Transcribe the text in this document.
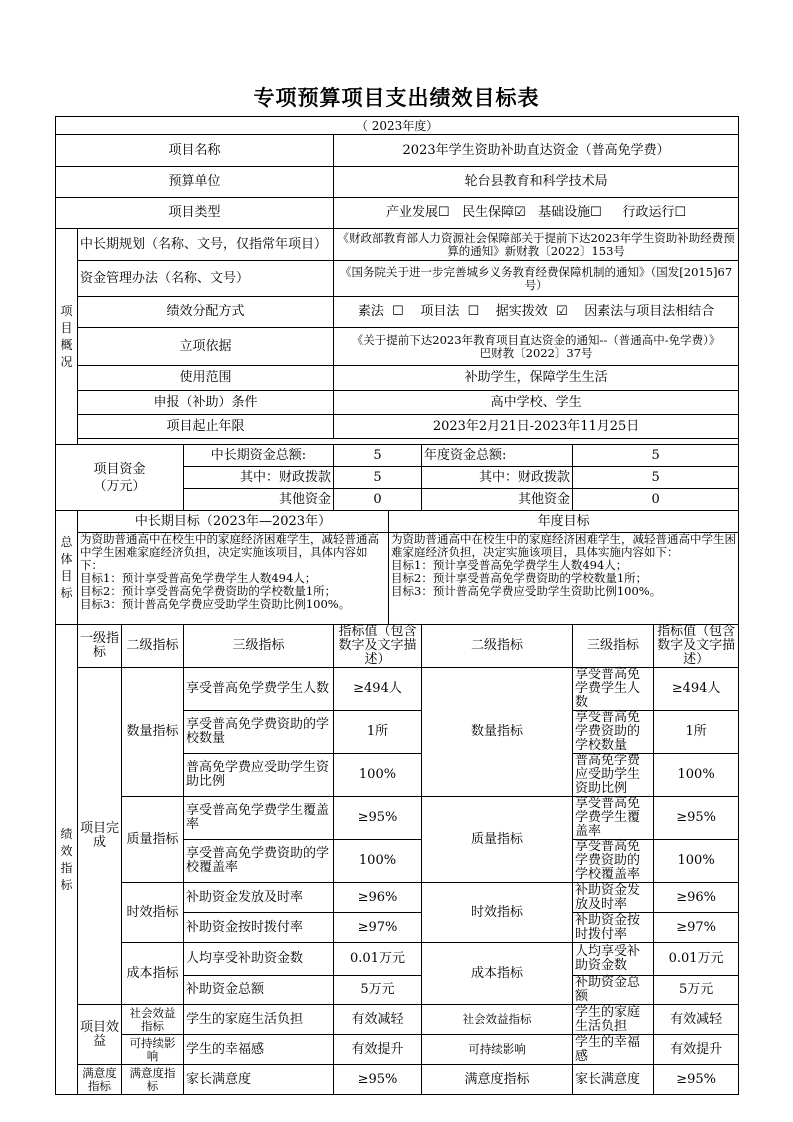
专项预算项目支出绩效目标表
（ 2023年度）								
项目名称				2023年学生资助补助直达资金（普高免学费）				
预算单位				轮台县教育和科学技术局				
项目类型				产业发展☐   民生保障☑   基础设施☐     行政运行☐				
项目概况	中长期规划（名称、文号，仅指常年项目）			《财政部教育部人力资源社会保障部关于提前下达2023年学生资助补助经费预算的通知》新财教〔2022〕153号				
	资金管理办法（名称、文号）			《国务院关于进一步完善城乡义务教育经费保障机制的通知》（国发[2015]67号）				
	绩效分配方式			素法  ☐    项目法  ☐    据实拨效  ☑    因素法与项目法相结合				
	立项依据			《关于提前下达2023年教育项目直达资金的通知--（普通高中-免学费）》      巴财教〔2022〕37号				
	使用范围			补助学生，保障学生生活				
	申报（补助）条件			高中学校、学生				
	项目起止年限			2023年2月21日-2023年11月25日				

项目资金
（万元）			中长期资金总额:	5		年度资金总额:	5	
			其中：财政拨款	5		其中：财政拨款	5	
			其他资金	0		其他资金	0	
总体目标	中长期目标（2023年—2023年）				年度目标			
	为资助普通高中在校生中的家庭经济困难学生，减轻普通高中学生困难家庭经济负担，决定实施该项目，具体内容如下：
目标1：预计享受普高免学费学生人数494人；
目标2：预计享受普高免学费资助的学校数量1所；
目标3：预计普高免学费应受助学生资助比例100%。				为资助普通高中在校生中的家庭经济困难学生，减轻普通高中学生困难家庭经济负担，决定实施该项目，具体实施内容如下：
目标1：预计享受普高免学费学生人数494人；
目标2：预计享受普高免学费资助的学校数量1所；
目标3：预计普高免学费应受助学生资助比例100%。			
绩效指标	一级指标	二级指标	三级指标	指标值（包含数字及文字描述）		二级指标	三级指标	指标值（包含数字及文字描述）
	项目完成	数量指标	享受普高免学费学生人数	≥494人		数量指标	享受普高免学费学生人数	≥494人
			享受普高免学费资助的学校数量	1所			享受普高免学费资助的学校数量	1所
			普高免学费应受助学生资助比例	100%			普高免学费应受助学生资助比例	100%
		质量指标	享受普高免学费学生覆盖率	≥95%		质量指标	享受普高免学费学生覆盖率	≥95%
			享受普高免学费资助的学校覆盖率	100%			享受普高免学费资助的学校覆盖率	100%
		时效指标	补助资金发放及时率	≥96%		时效指标	补助资金发放及时率	≥96%
			补助资金按时拨付率	≥97%			补助资金按时拨付率	≥97%
		成本指标	人均享受补助资金数	0.01万元		成本指标	人均享受补助资金数	0.01万元
			补助资金总额	5万元			补助资金总额	5万元
	项目效益	社会效益指标	学生的家庭生活负担	有效减轻		社会效益指标	学生的家庭生活负担	有效减轻
		可持续影响	学生的幸福感	有效提升		可持续影响	学生的幸福感	有效提升
	满意度指标	满意度指标	家长满意度	≥95%		满意度指标	家长满意度	≥95%
